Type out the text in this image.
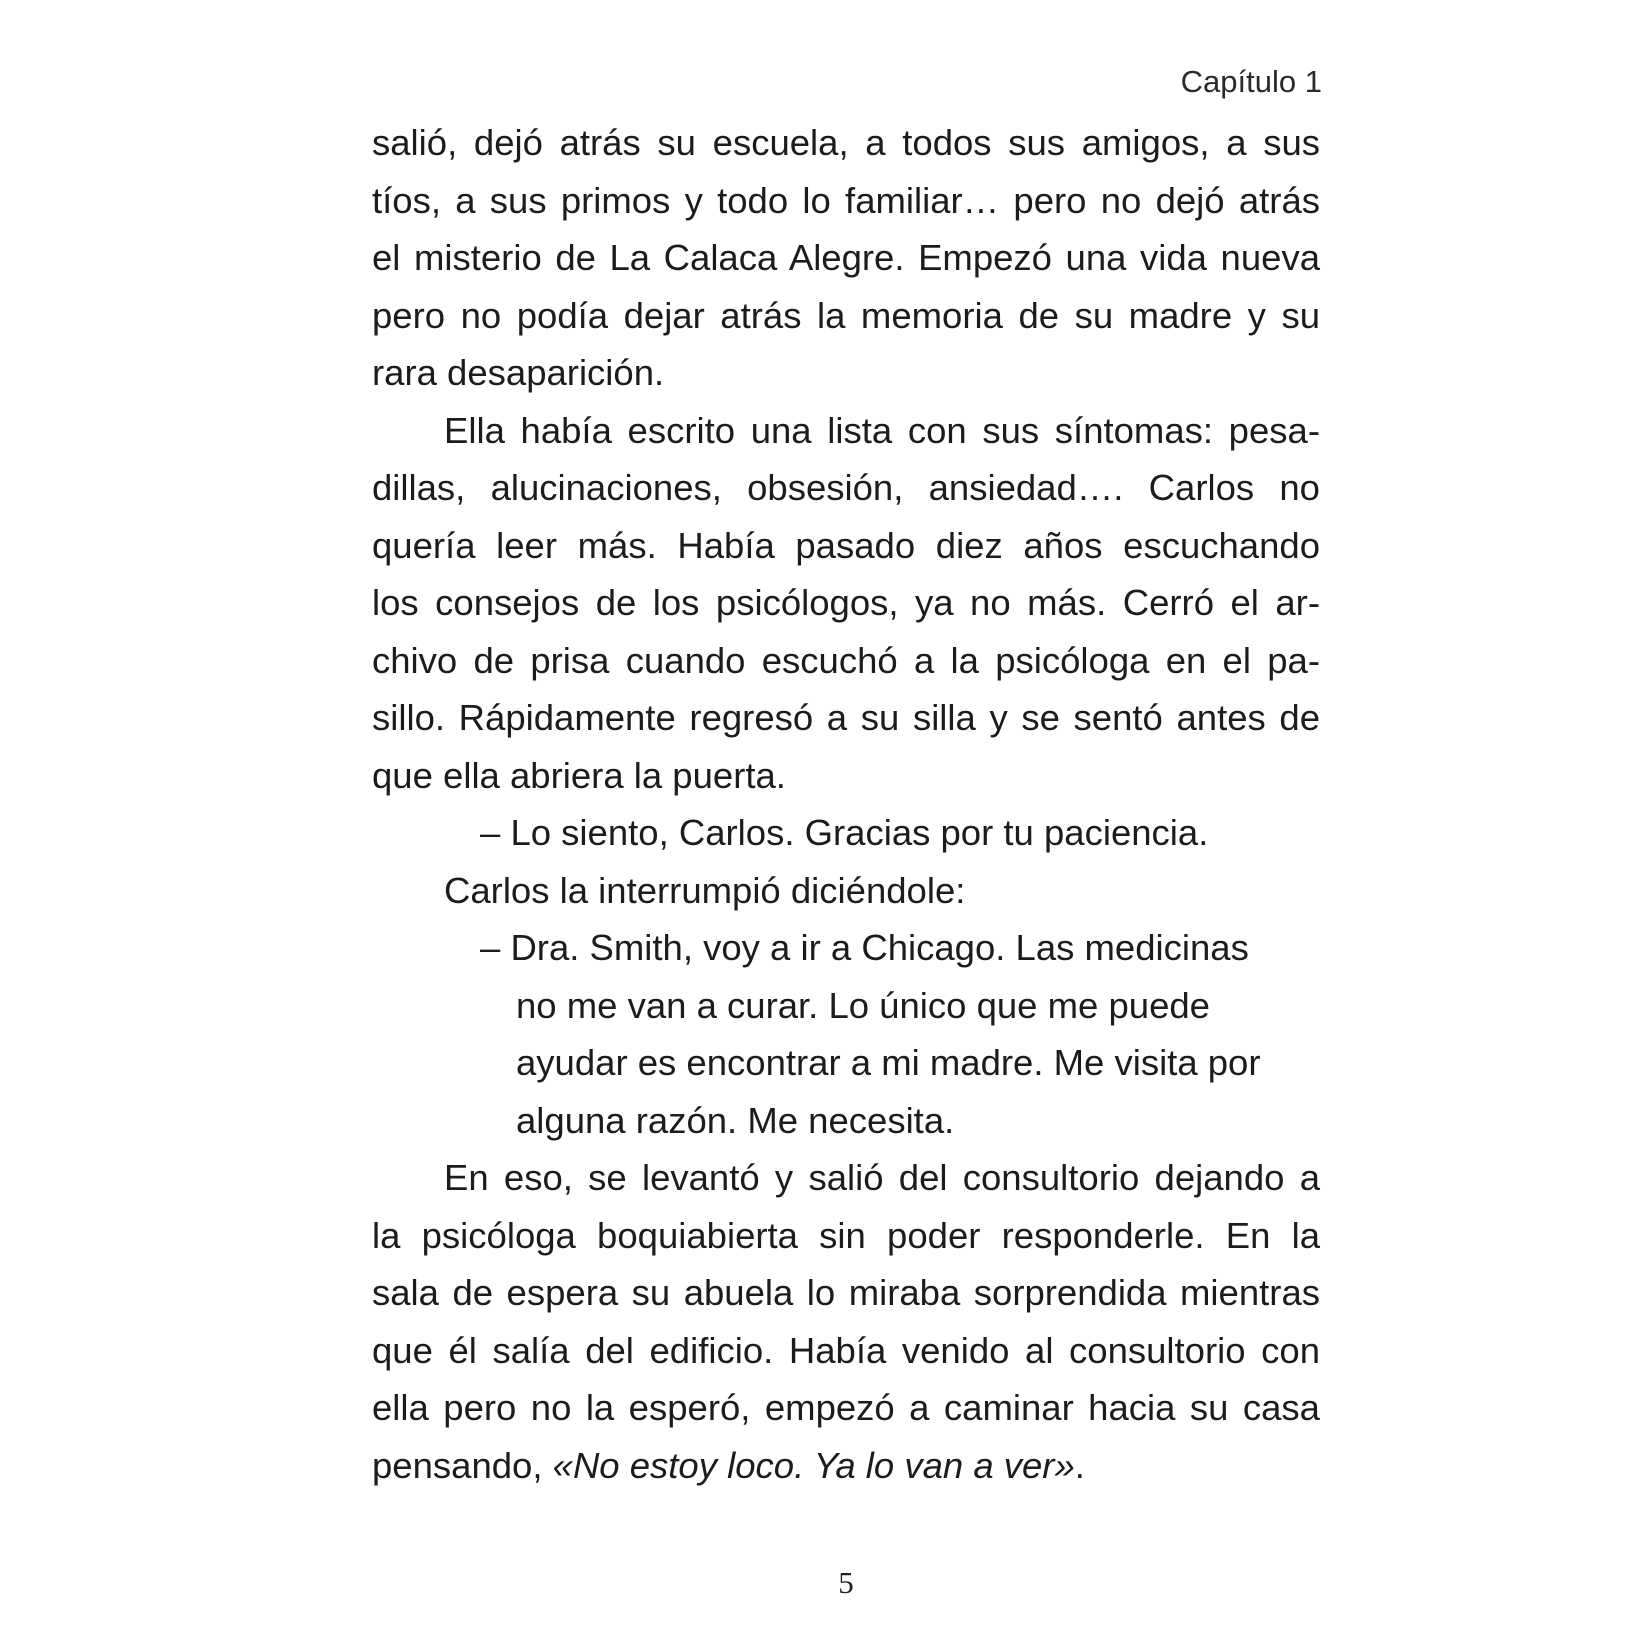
Capítulo 1
salió, dejó atrás su escuela, a todos sus amigos, a sus
tíos, a sus primos y todo lo familiar… pero no dejó atrás
el misterio de La Calaca Alegre. Empezó una vida nueva
pero no podía dejar atrás la memoria de su madre y su
rara desaparición.
Ella había escrito una lista con sus síntomas: pesa-
dillas, alucinaciones, obsesión, ansiedad…. Carlos no
quería leer más. Había pasado diez años escuchando
los consejos de los psicólogos, ya no más. Cerró el ar-
chivo de prisa cuando escuchó a la psicóloga en el pa-
sillo. Rápidamente regresó a su silla y se sentó antes de
que ella abriera la puerta.
– Lo siento, Carlos. Gracias por tu paciencia.
Carlos la interrumpió diciéndole:
– Dra. Smith, voy a ir a Chicago. Las medicinas
no me van a curar. Lo único que me puede
ayudar es encontrar a mi madre. Me visita por
alguna razón. Me necesita.
En eso, se levantó y salió del consultorio dejando a
la psicóloga boquiabierta sin poder responderle. En la
sala de espera su abuela lo miraba sorprendida mientras
que él salía del edificio. Había venido al consultorio con
ella pero no la esperó, empezó a caminar hacia su casa
pensando, «No estoy loco. Ya lo van a ver».
5
